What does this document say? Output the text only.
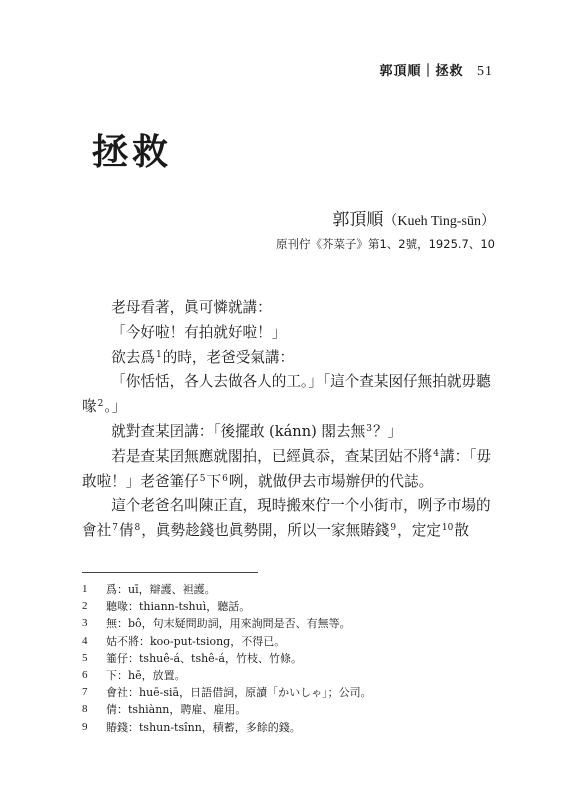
郭頂順｜拯救 51
拯救
郭頂順（Kueh Ting-sūn）
原刊佇《芥菜子》第1、2號，1925.7、10

老母看著，眞可憐就講：

「今好啦！有拍就好啦！」

欲去爲$^1$的時，老爸受氣講：

「你恬恬，各人去做各人的工。」「這个查某囡仔無拍就毋聽喙$^2$。」

就對查某囝講：「後擺敢 (kánn) 閣去無$^3$？」

若是查某囝無應就閣拍，已經眞忝，查某囝姑不將$^4$講：「毋敢啦！」老爸箠仔$^5$下$^6$咧，就做伊去市場辦伊的代誌。

這个老爸名叫陳正直，現時搬來佇一个小街市，咧予市場的會社$^7$倩$^8$，眞勢趁錢也眞勢開，所以一家無賰錢$^9$，定定$^{10}$散

1	爲：uī，辯護、袒護。
2	聽喙：thiann-tshuì，聽話。
3	無：bô，句末疑問助詞，用來詢問是否、有無等。
4	姑不將：koo-put-tsiong，不得已。
5	箠仔：tshuê-á、tshê-á，竹枝、竹條。
6	下：hē，放置。
7	會社：huē-siā，日語借詞，原讀「かいしゃ」；公司。
8	倩：tshiànn，聘雇、雇用。
9	賰錢：tshun-tsînn，積蓄，多餘的錢。
